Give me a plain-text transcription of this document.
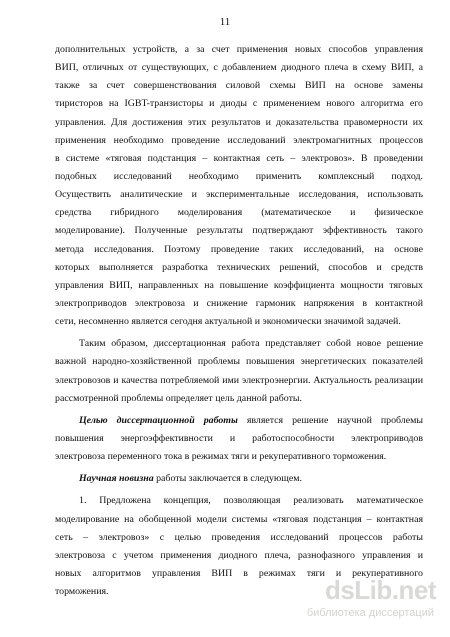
11
дополнительных устройств, а за счет применения новых способов управления
ВИП, отличных от существующих, с добавлением диодного плеча в схему ВИП, а
также за счет совершенствования силовой схемы ВИП на основе замены
тиристоров на IGBT-транзисторы и диоды с применением нового алгоритма его
управления. Для достижения этих результатов и доказательства правомерности их
применения необходимо проведение исследований электромагнитных процессов
в системе «тяговая подстанция – контактная сеть – электровоз». В проведении
подобных исследований необходимо применить комплексный подход.
Осуществить аналитические и экспериментальные исследования, использовать
средства гибридного моделирования (математическое и физическое
моделирование). Полученные результаты подтверждают эффективность такого
метода исследования. Поэтому проведение таких исследований, на основе
которых выполняется разработка технических решений, способов и средств
управления ВИП, направленных на повышение коэффициента мощности тяговых
электроприводов электровоза и снижение гармоник напряжения в контактной
сети, несомненно является сегодня актуальной и экономически значимой задачей.
Таким образом, диссертационная работа представляет собой новое решение
важной народно-хозяйственной проблемы повышения энергетических показателей
электровозов и качества потребляемой ими электроэнергии. Актуальность реализации
рассмотренной проблемы определяет цель данной работы.
Целью диссертационной работы является решение научной проблемы
повышения энергоэффективности и работоспособности электроприводов
электровоза переменного тока в режимах тяги и рекуперативного торможения.
Научная новизна работы заключается в следующем.
1. Предложена концепция, позволяющая реализовать математическое
моделирование на обобщенной модели системы «тяговая подстанция – контактная
сеть – электровоз» с целью проведения исследований процессов работы
электровоза с учетом применения диодного плеча, разнофазного управления и
новых алгоритмов управления ВИП в режимах тяги и рекуперативного
торможения.	dsLib.net
библиотека диссертаций
